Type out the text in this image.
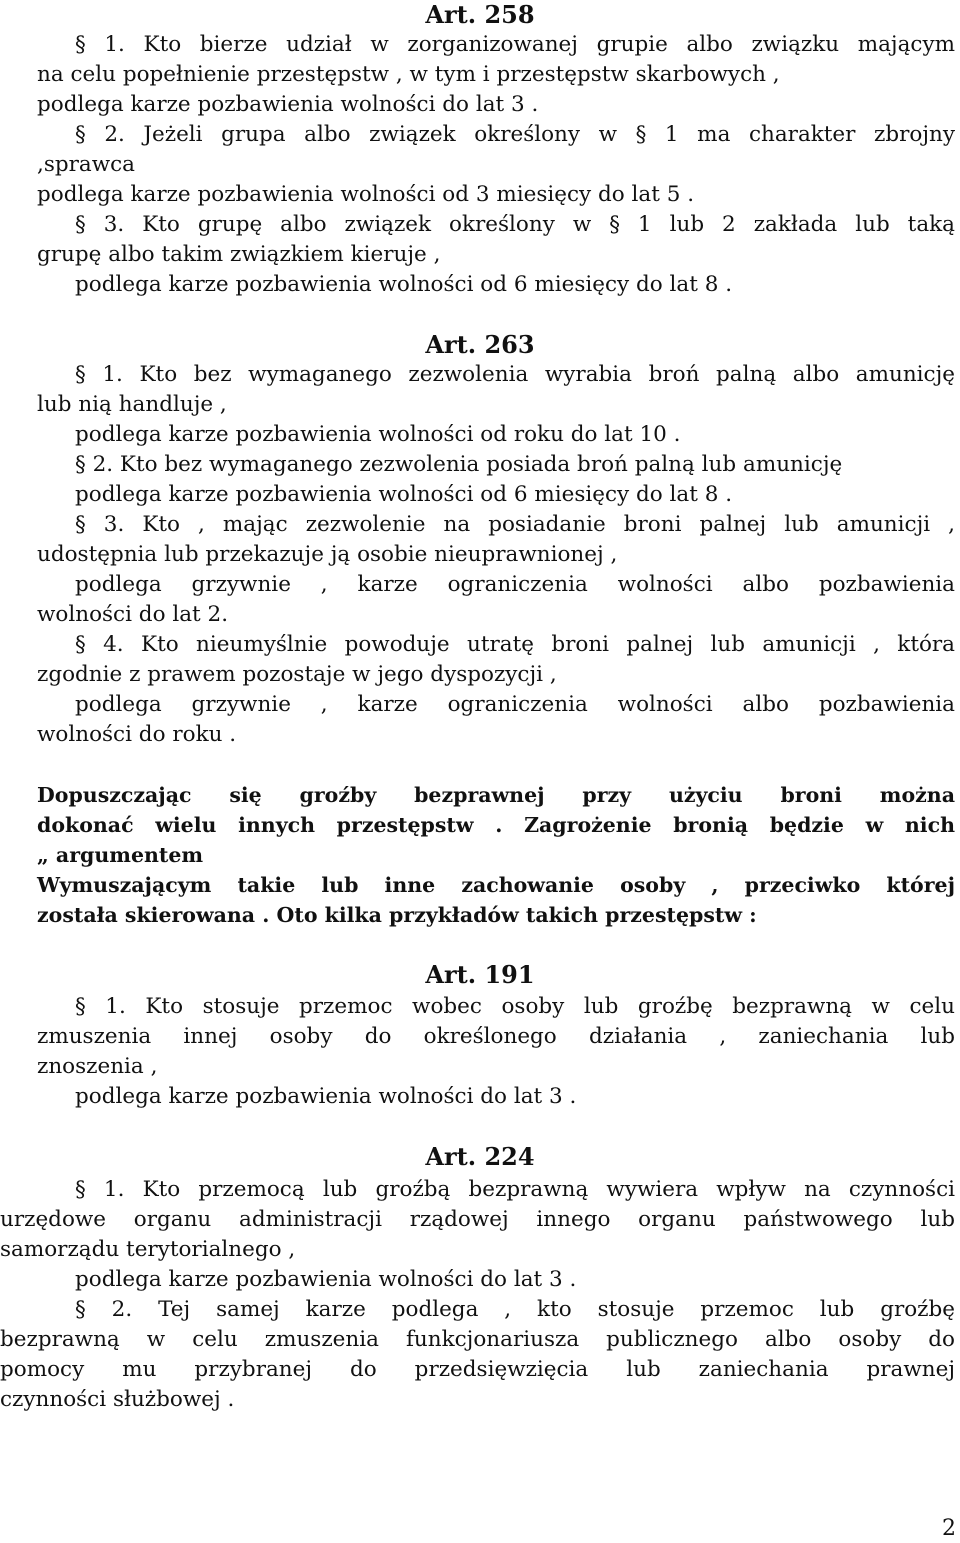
Art. 258
§ 1. Kto bierze udział w zorganizowanej grupie albo związku mającym
na celu popełnienie przestępstw , w tym i przestępstw skarbowych ,
podlega karze pozbawienia wolności do lat 3 .
§ 2. Jeżeli grupa albo związek określony w § 1 ma charakter zbrojny
,sprawca
podlega karze pozbawienia wolności od 3 miesięcy do lat 5 .
§ 3. Kto grupę albo związek określony w § 1 lub 2 zakłada lub taką
grupę albo takim związkiem kieruje ,
podlega karze pozbawienia wolności od 6 miesięcy do lat 8 .
Art. 263
§ 1. Kto bez wymaganego zezwolenia wyrabia broń palną albo amunicję
lub nią handluje ,
podlega karze pozbawienia wolności od roku do lat 10 .
§ 2. Kto bez wymaganego zezwolenia posiada broń palną lub amunicję
podlega karze pozbawienia wolności od 6 miesięcy do lat 8 .
§ 3. Kto , mając zezwolenie na posiadanie broni palnej lub amunicji ,
udostępnia lub przekazuje ją osobie nieuprawnionej ,
podlega grzywnie , karze ograniczenia wolności albo pozbawienia
wolności do lat 2.
§ 4. Kto nieumyślnie powoduje utratę broni palnej lub amunicji , która
zgodnie z prawem pozostaje w jego dyspozycji ,
podlega grzywnie , karze ograniczenia wolności albo pozbawienia
wolności do roku .
Dopuszczając się groźby bezprawnej przy użyciu broni można
dokonać wielu innych przestępstw . Zagrożenie bronią będzie w nich
„ argumentem
Wymuszającym takie lub inne zachowanie osoby , przeciwko której
została skierowana . Oto kilka przykładów takich przestępstw :
Art. 191
§ 1. Kto stosuje przemoc wobec osoby lub groźbę bezprawną w celu
zmuszenia innej osoby do określonego działania , zaniechania lub
znoszenia ,
podlega karze pozbawienia wolności do lat 3 .
Art. 224
§ 1. Kto przemocą lub groźbą bezprawną wywiera wpływ na czynności
urzędowe organu administracji rządowej innego organu państwowego lub
samorządu terytorialnego ,
podlega karze pozbawienia wolności do lat 3 .
§ 2. Tej samej karze podlega , kto stosuje przemoc lub groźbę
bezprawną w celu zmuszenia funkcjonariusza publicznego albo osoby do
pomocy mu przybranej do przedsięwzięcia lub zaniechania prawnej
czynności służbowej .
2
